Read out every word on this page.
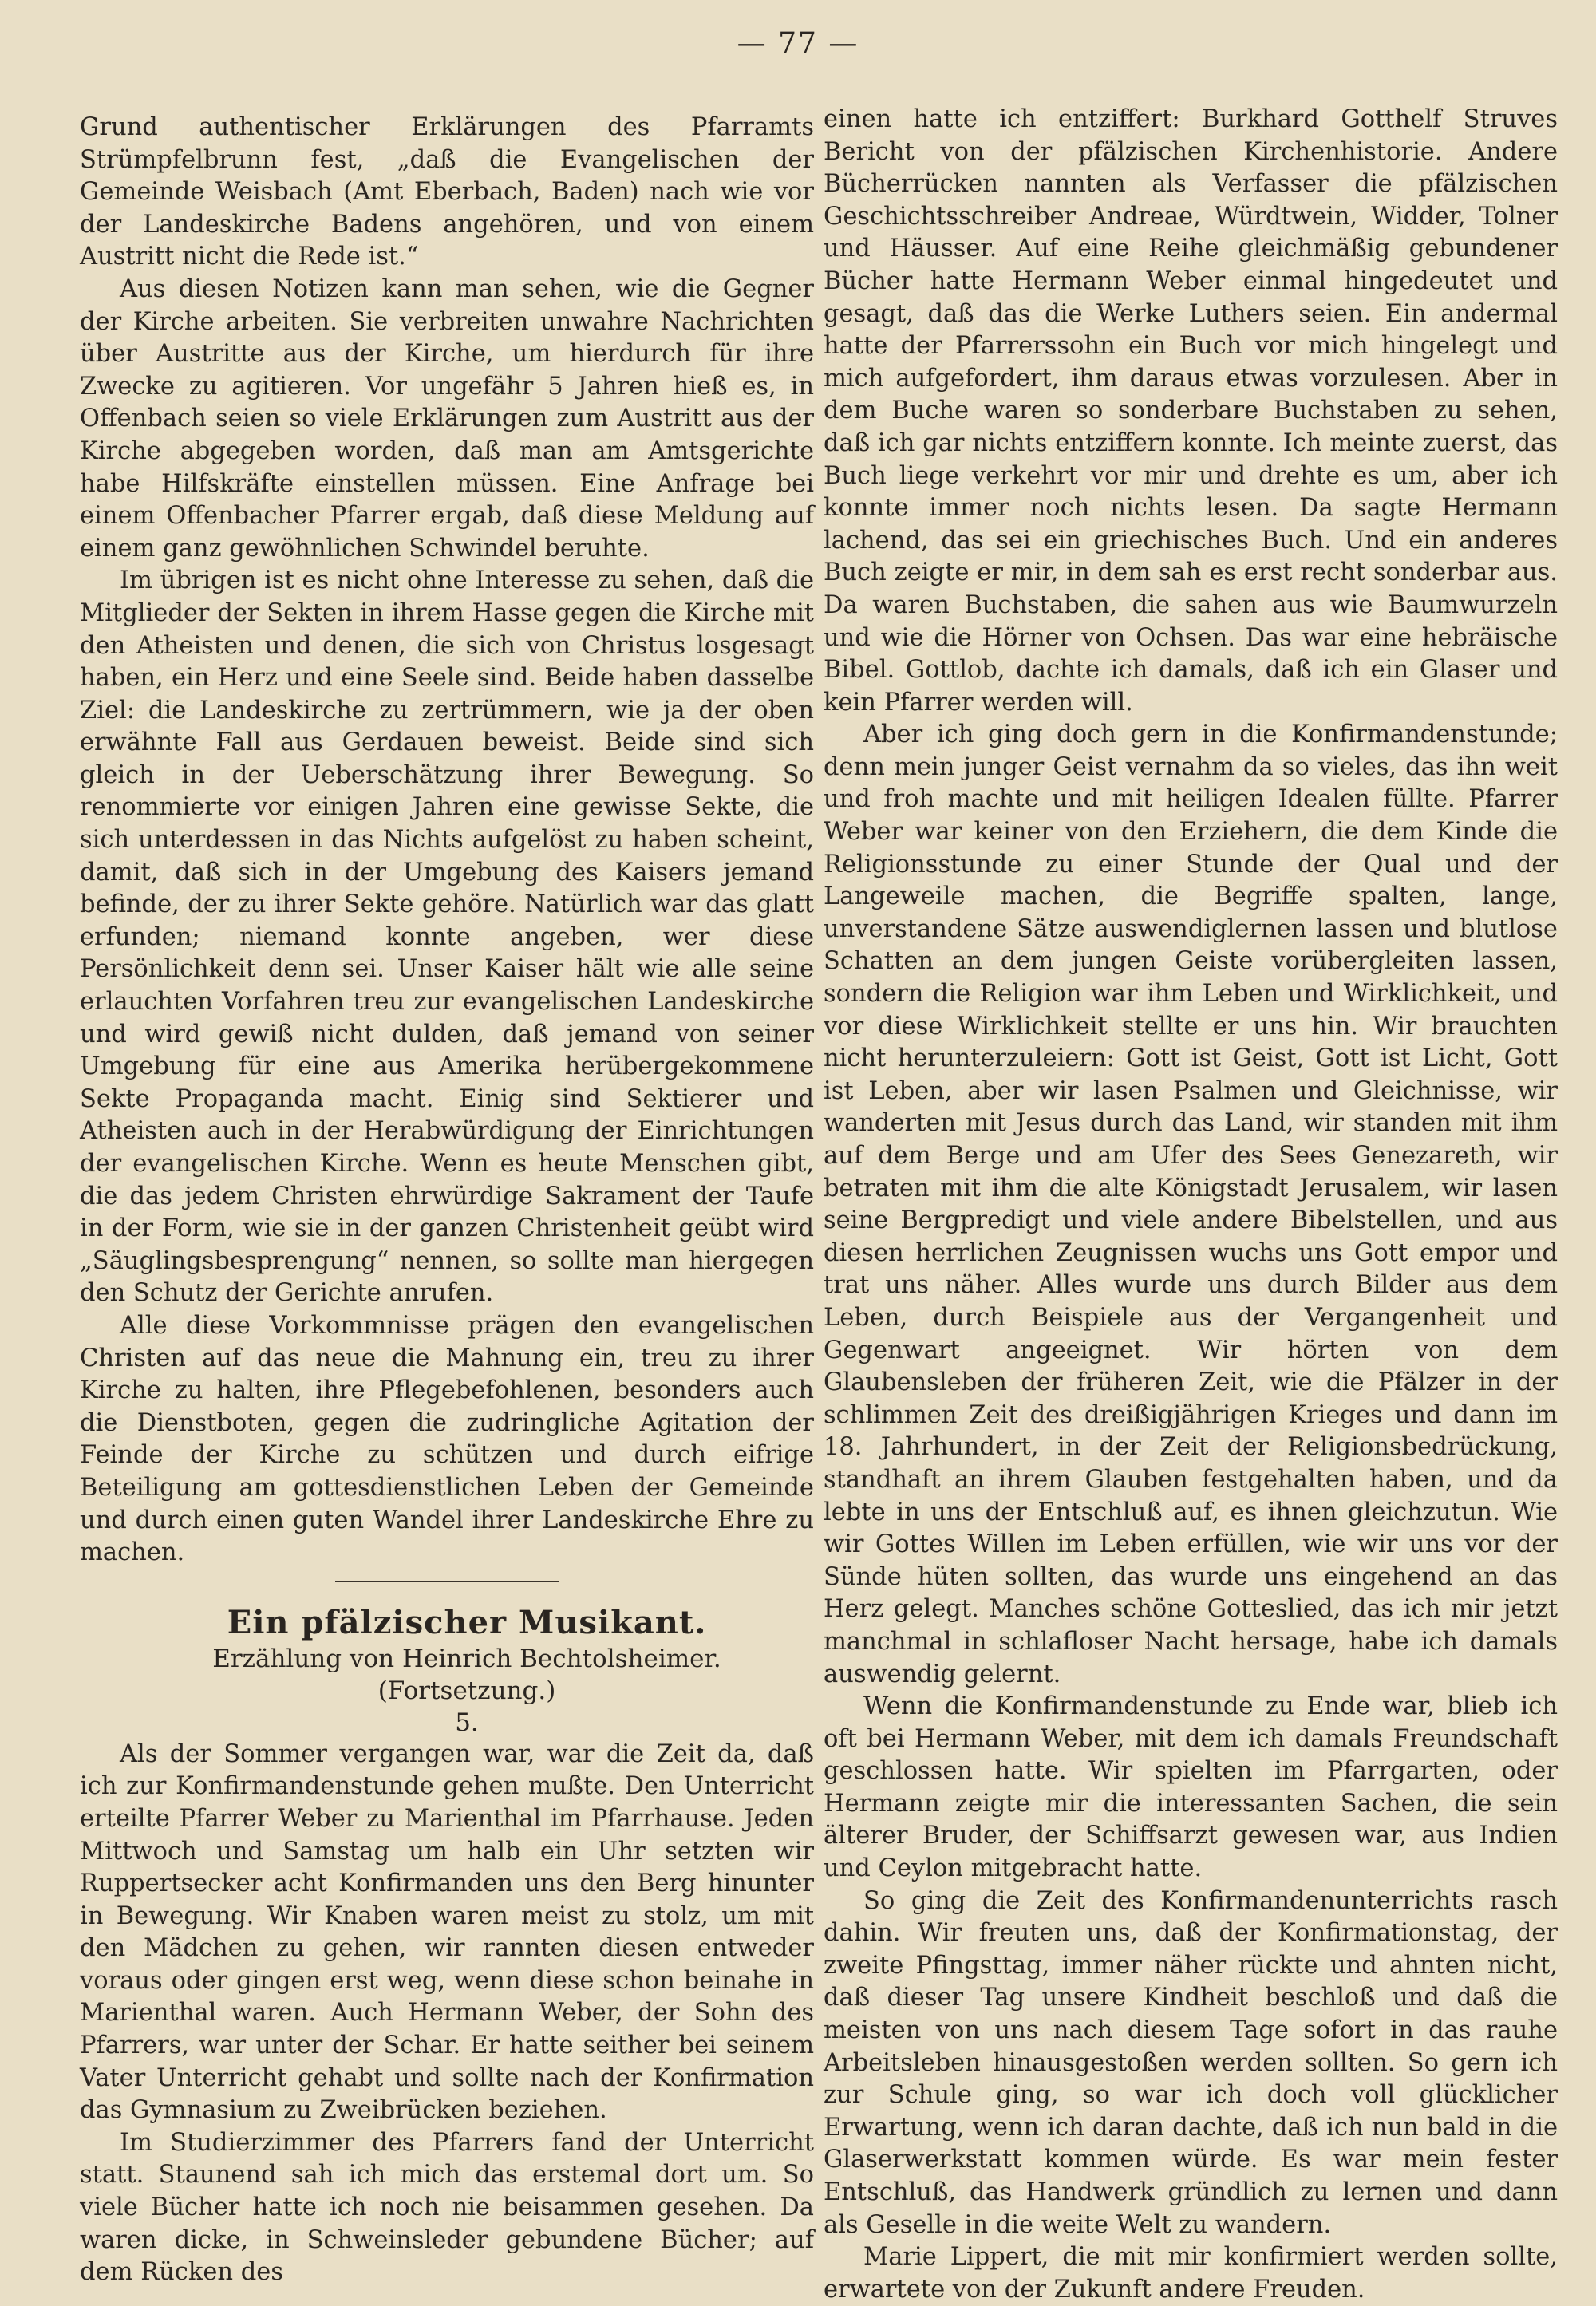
— 77 —

Grund authentischer Erklärungen des Pfarramts Strümpfelbrunn fest, „daß die Evangelischen der Gemeinde Weisbach (Amt Eberbach, Baden) nach wie vor der Landeskirche Badens angehören, und von einem Austritt nicht die Rede ist.“

Aus diesen Notizen kann man sehen, wie die Gegner der Kirche arbeiten. Sie verbreiten unwahre Nachrichten über Austritte aus der Kirche, um hierdurch für ihre Zwecke zu agitieren. Vor ungefähr 5 Jahren hieß es, in Offenbach seien so viele Erklärungen zum Austritt aus der Kirche abgegeben worden, daß man am Amtsgerichte habe Hilfskräfte einstellen müssen. Eine Anfrage bei einem Offenbacher Pfarrer ergab, daß diese Meldung auf einem ganz gewöhnlichen Schwindel beruhte.

Im übrigen ist es nicht ohne Interesse zu sehen, daß die Mitglieder der Sekten in ihrem Hasse gegen die Kirche mit den Atheisten und denen, die sich von Christus losgesagt haben, ein Herz und eine Seele sind. Beide haben dasselbe Ziel: die Landeskirche zu zertrümmern, wie ja der oben erwähnte Fall aus Gerdauen beweist. Beide sind sich gleich in der Ueberschätzung ihrer Bewegung. So renommierte vor einigen Jahren eine gewisse Sekte, die sich unterdessen in das Nichts aufgelöst zu haben scheint, damit, daß sich in der Umgebung des Kaisers jemand befinde, der zu ihrer Sekte gehöre. Natürlich war das glatt erfunden; niemand konnte angeben, wer diese Persönlichkeit denn sei. Unser Kaiser hält wie alle seine erlauchten Vorfahren treu zur evangelischen Landeskirche und wird gewiß nicht dulden, daß jemand von seiner Umgebung für eine aus Amerika herübergekommene Sekte Propaganda macht. Einig sind Sektierer und Atheisten auch in der Herabwürdigung der Einrichtungen der evangelischen Kirche. Wenn es heute Menschen gibt, die das jedem Christen ehrwürdige Sakrament der Taufe in der Form, wie sie in der ganzen Christenheit geübt wird „Säuglingsbesprengung“ nennen, so sollte man hiergegen den Schutz der Gerichte anrufen.

Alle diese Vorkommnisse prägen den evangelischen Christen auf das neue die Mahnung ein, treu zu ihrer Kirche zu halten, ihre Pflegebefohlenen, besonders auch die Dienstboten, gegen die zudringliche Agitation der Feinde der Kirche zu schützen und durch eifrige Beteiligung am gottesdienstlichen Leben der Gemeinde und durch einen guten Wandel ihrer Landeskirche Ehre zu machen.

Ein pfälzischer Musikant.

Erzählung von Heinrich Bechtolsheimer.

(Fortsetzung.)

5.

Als der Sommer vergangen war, war die Zeit da, daß ich zur Konfirmandenstunde gehen mußte. Den Unterricht erteilte Pfarrer Weber zu Marienthal im Pfarrhause. Jeden Mittwoch und Samstag um halb ein Uhr setzten wir Ruppertsecker acht Konfirmanden uns den Berg hinunter in Bewegung. Wir Knaben waren meist zu stolz, um mit den Mädchen zu gehen, wir rannten diesen entweder voraus oder gingen erst weg, wenn diese schon beinahe in Marienthal waren. Auch Hermann Weber, der Sohn des Pfarrers, war unter der Schar. Er hatte seither bei seinem Vater Unterricht gehabt und sollte nach der Konfirmation das Gymnasium zu Zweibrücken beziehen.

Im Studierzimmer des Pfarrers fand der Unterricht statt. Staunend sah ich mich das erstemal dort um. So viele Bücher hatte ich noch nie beisammen gesehen. Da waren dicke, in Schweinsleder gebundene Bücher; auf dem Rücken des

einen hatte ich entziffert: Burkhard Gotthelf Struves Bericht von der pfälzischen Kirchenhistorie. Andere Bücherrücken nannten als Verfasser die pfälzischen Geschichtsschreiber Andreae, Würdtwein, Widder, Tolner und Häusser. Auf eine Reihe gleichmäßig gebundener Bücher hatte Hermann Weber einmal hingedeutet und gesagt, daß das die Werke Luthers seien. Ein andermal hatte der Pfarrerssohn ein Buch vor mich hingelegt und mich aufgefordert, ihm daraus etwas vorzulesen. Aber in dem Buche waren so sonderbare Buchstaben zu sehen, daß ich gar nichts entziffern konnte. Ich meinte zuerst, das Buch liege verkehrt vor mir und drehte es um, aber ich konnte immer noch nichts lesen. Da sagte Hermann lachend, das sei ein griechisches Buch. Und ein anderes Buch zeigte er mir, in dem sah es erst recht sonderbar aus. Da waren Buchstaben, die sahen aus wie Baumwurzeln und wie die Hörner von Ochsen. Das war eine hebräische Bibel. Gottlob, dachte ich damals, daß ich ein Glaser und kein Pfarrer werden will.

Aber ich ging doch gern in die Konfirmandenstunde; denn mein junger Geist vernahm da so vieles, das ihn weit und froh machte und mit heiligen Idealen füllte. Pfarrer Weber war keiner von den Erziehern, die dem Kinde die Religionsstunde zu einer Stunde der Qual und der Langeweile machen, die Begriffe spalten, lange, unverstandene Sätze auswendiglernen lassen und blutlose Schatten an dem jungen Geiste vorübergleiten lassen, sondern die Religion war ihm Leben und Wirklichkeit, und vor diese Wirklichkeit stellte er uns hin. Wir brauchten nicht herunterzuleiern: Gott ist Geist, Gott ist Licht, Gott ist Leben, aber wir lasen Psalmen und Gleichnisse, wir wanderten mit Jesus durch das Land, wir standen mit ihm auf dem Berge und am Ufer des Sees Genezareth, wir betraten mit ihm die alte Königstadt Jerusalem, wir lasen seine Bergpredigt und viele andere Bibelstellen, und aus diesen herrlichen Zeugnissen wuchs uns Gott empor und trat uns näher. Alles wurde uns durch Bilder aus dem Leben, durch Beispiele aus der Vergangenheit und Gegenwart angeeignet. Wir hörten von dem Glaubensleben der früheren Zeit, wie die Pfälzer in der schlimmen Zeit des dreißigjährigen Krieges und dann im 18. Jahrhundert, in der Zeit der Religionsbedrückung, standhaft an ihrem Glauben festgehalten haben, und da lebte in uns der Entschluß auf, es ihnen gleichzutun. Wie wir Gottes Willen im Leben erfüllen, wie wir uns vor der Sünde hüten sollten, das wurde uns eingehend an das Herz gelegt. Manches schöne Gotteslied, das ich mir jetzt manchmal in schlafloser Nacht hersage, habe ich damals auswendig gelernt.

Wenn die Konfirmandenstunde zu Ende war, blieb ich oft bei Hermann Weber, mit dem ich damals Freundschaft geschlossen hatte. Wir spielten im Pfarrgarten, oder Hermann zeigte mir die interessanten Sachen, die sein älterer Bruder, der Schiffsarzt gewesen war, aus Indien und Ceylon mitgebracht hatte.

So ging die Zeit des Konfirmandenunterrichts rasch dahin. Wir freuten uns, daß der Konfirmationstag, der zweite Pfingsttag, immer näher rückte und ahnten nicht, daß dieser Tag unsere Kindheit beschloß und daß die meisten von uns nach diesem Tage sofort in das rauhe Arbeitsleben hinausgestoßen werden sollten. So gern ich zur Schule ging, so war ich doch voll glücklicher Erwartung, wenn ich daran dachte, daß ich nun bald in die Glaserwerkstatt kommen würde. Es war mein fester Entschluß, das Handwerk gründlich zu lernen und dann als Geselle in die weite Welt zu wandern.

Marie Lippert, die mit mir konfirmiert werden sollte, erwartete von der Zukunft andere Freuden.
